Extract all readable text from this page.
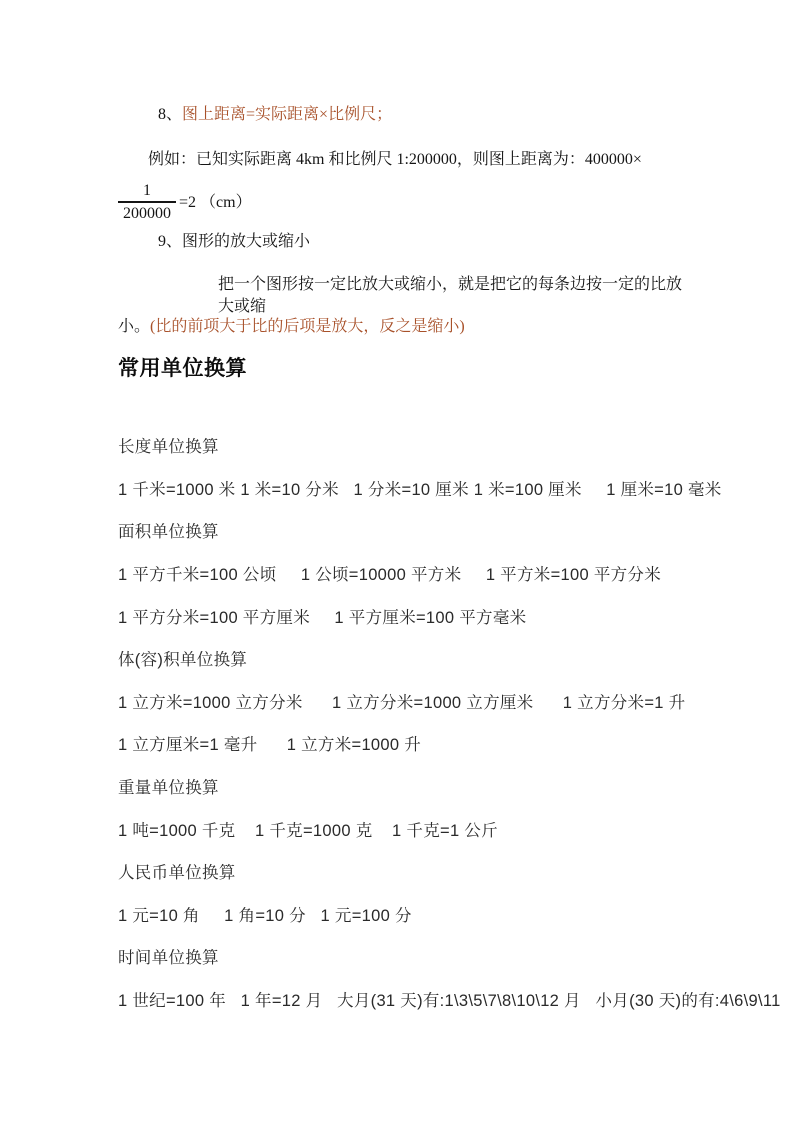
8、图上距离=实际距离×比例尺；
例如：已知实际距离 4km 和比例尺 1:200000，则图上距离为：400000×
$\frac{1}{200000} =2$ （cm）
9、图形的放大或缩小
把一个图形按一定比放大或缩小，就是把它的每条边按一定的比放大或缩
小。(比的前项大于比的后项是放大，反之是缩小)
常用单位换算
长度单位换算
1 千米=1000 米 1 米=10 分米   1 分米=10 厘米 1 米=100 厘米     1 厘米=10 毫米
面积单位换算
1 平方千米=100 公顷     1 公顷=10000 平方米     1 平方米=100 平方分米
1 平方分米=100 平方厘米     1 平方厘米=100 平方毫米
体(容)积单位换算
1 立方米=1000 立方分米      1 立方分米=1000 立方厘米      1 立方分米=1 升
1 立方厘米=1 毫升      1 立方米=1000 升
重量单位换算
1 吨=1000 千克    1 千克=1000 克    1 千克=1 公斤
人民币单位换算
1 元=10 角     1 角=10 分   1 元=100 分
时间单位换算
1 世纪=100 年   1 年=12 月   大月(31 天)有:1\3\5\7\8\10\12 月   小月(30 天)的有:4\6\9\11
